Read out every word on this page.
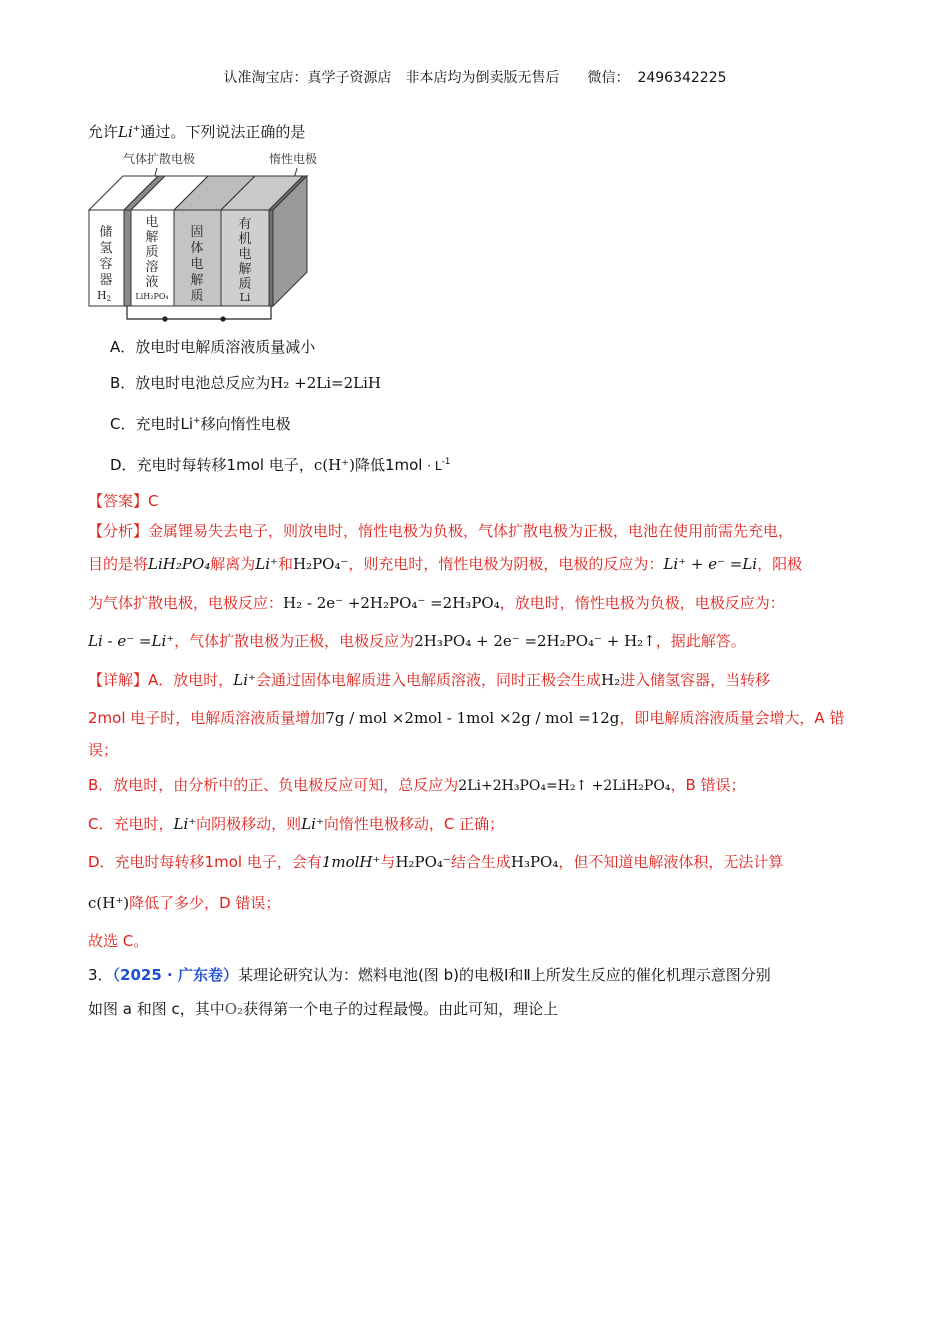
认准淘宝店：真学子资源店　非本店均为倒卖版无售后　　微信： 2496342225
允许Li+通过。下列说法正确的是
气体扩散电极	惰性电极
储
氢
容
器
H2
电
解
质
溶
液
LiH₂PO₄
固
体
电
解
质
有
机
电
解
质
Li
A．放电时电解质溶液质量减小
B．放电时电池总反应为H₂ +2Li=2LiH
C．充电时Li+移向惰性电极
D．充电时每转移1mol 电子，c(H⁺)降低$1mol \cdot L^{-1}$
【答案】C
【分析】金属锂易失去电子，则放电时，惰性电极为负极，气体扩散电极为正极，电池在使用前需先充电，
目的是将LiH₂PO₄解离为Li⁺和H₂PO₄⁻，则充电时，惰性电极为阴极，电极的反应为：Li⁺ + e⁻ =Li，阳极
为气体扩散电极，电极反应：H₂ - 2e⁻ +2H₂PO₄⁻ =2H₃PO₄，放电时，惰性电极为负极，电极反应为：
Li - e⁻ =Li⁺，气体扩散电极为正极，电极反应为2H₃PO₄ + 2e⁻ =2H₂PO₄⁻ + H₂↑，据此解答。
【详解】A．放电时，Li⁺会通过固体电解质进入电解质溶液，同时正极会生成H₂进入储氢容器，当转移
2mol 电子时，电解质溶液质量增加7g / mol ×2mol - 1mol ×2g / mol =12g，即电解质溶液质量会增大，A 错
误；
B．放电时，由分析中的正、负电极反应可知，总反应为2Li+2H₃PO₄=H₂↑ +2LiH₂PO₄，B 错误；
C．充电时，Li⁺向阴极移动，则Li⁺向惰性电极移动，C 正确；
D．充电时每转移1mol 电子，会有1molH⁺与H₂PO₄⁻结合生成H₃PO₄，但不知道电解液体积，无法计算
c(H⁺)降低了多少，D 错误；
故选 C。
3．（2025 · 广东卷）某理论研究认为：燃料电池(图 b)的电极Ⅰ和Ⅱ上所发生反应的催化机理示意图分别
如图 a 和图 c，其中O₂获得第一个电子的过程最慢。由此可知，理论上
